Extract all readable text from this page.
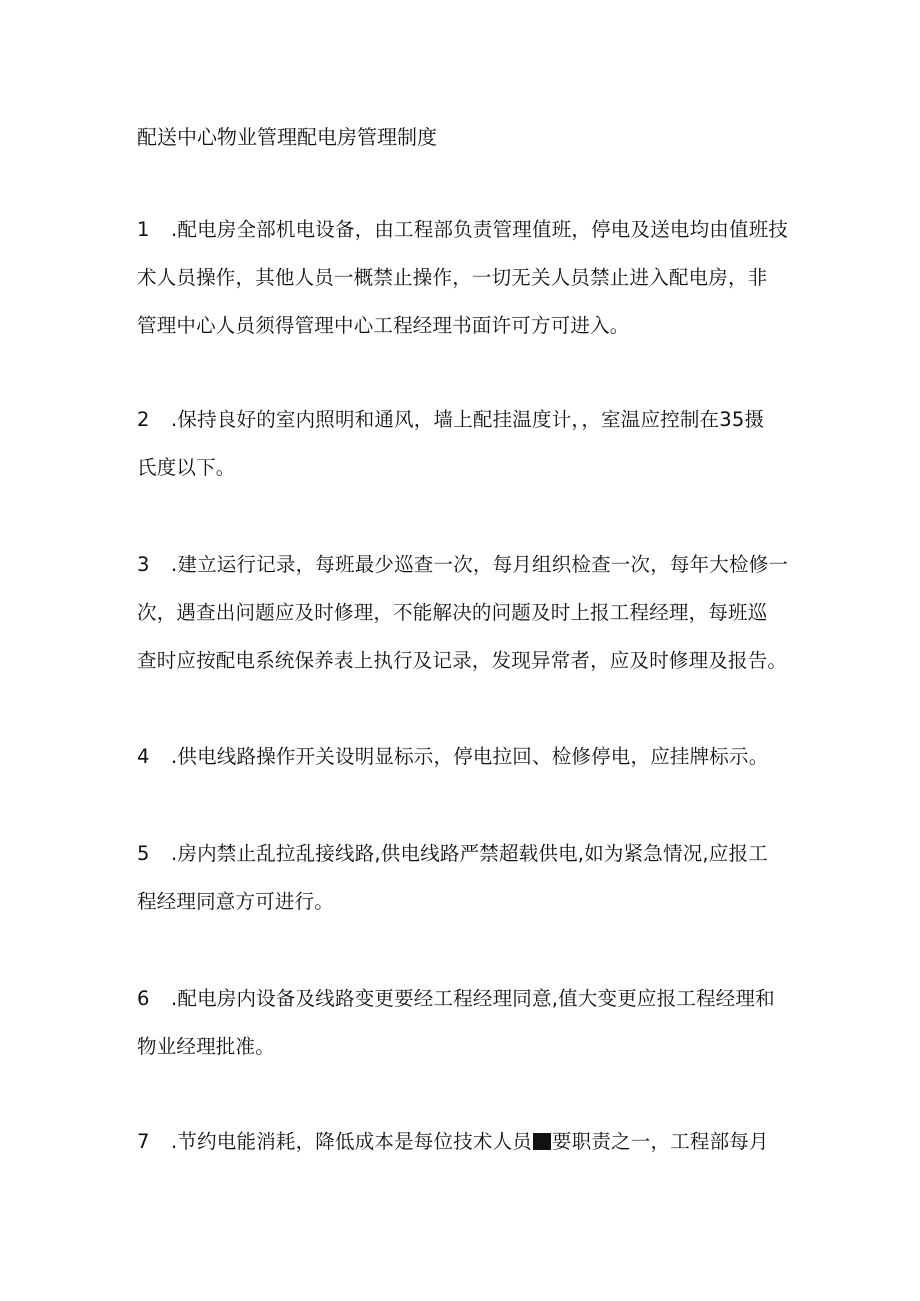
配送中心物业管理配电房管理制度
1 .配电房全部机电设备，由工程部负责管理值班，停电及送电均由值班技
术人员操作，其他人员一概禁止操作，一切无关人员禁止进入配电房，非
管理中心人员须得管理中心工程经理书面许可方可进入。
2 .保持良好的室内照明和通风，墙上配挂温度计，，室温应控制在35摄
氏度以下。
3 .建立运行记录，每班最少巡查一次，每月组织检查一次，每年大检修一
次，遇查出问题应及时修理，不能解决的问题及时上报工程经理，每班巡
查时应按配电系统保养表上执行及记录，发现异常者，应及时修理及报告。
4 .供电线路操作开关设明显标示，停电拉回、检修停电，应挂牌标示。
5 .房内禁止乱拉乱接线路,供电线路严禁超载供电,如为紧急情况,应报工
程经理同意方可进行。
6 .配电房内设备及线路变更要经工程经理同意,值大变更应报工程经理和
物业经理批准。
7 .节约电能消耗，降低成本是每位技术人员 要职责之一，工程部每月
